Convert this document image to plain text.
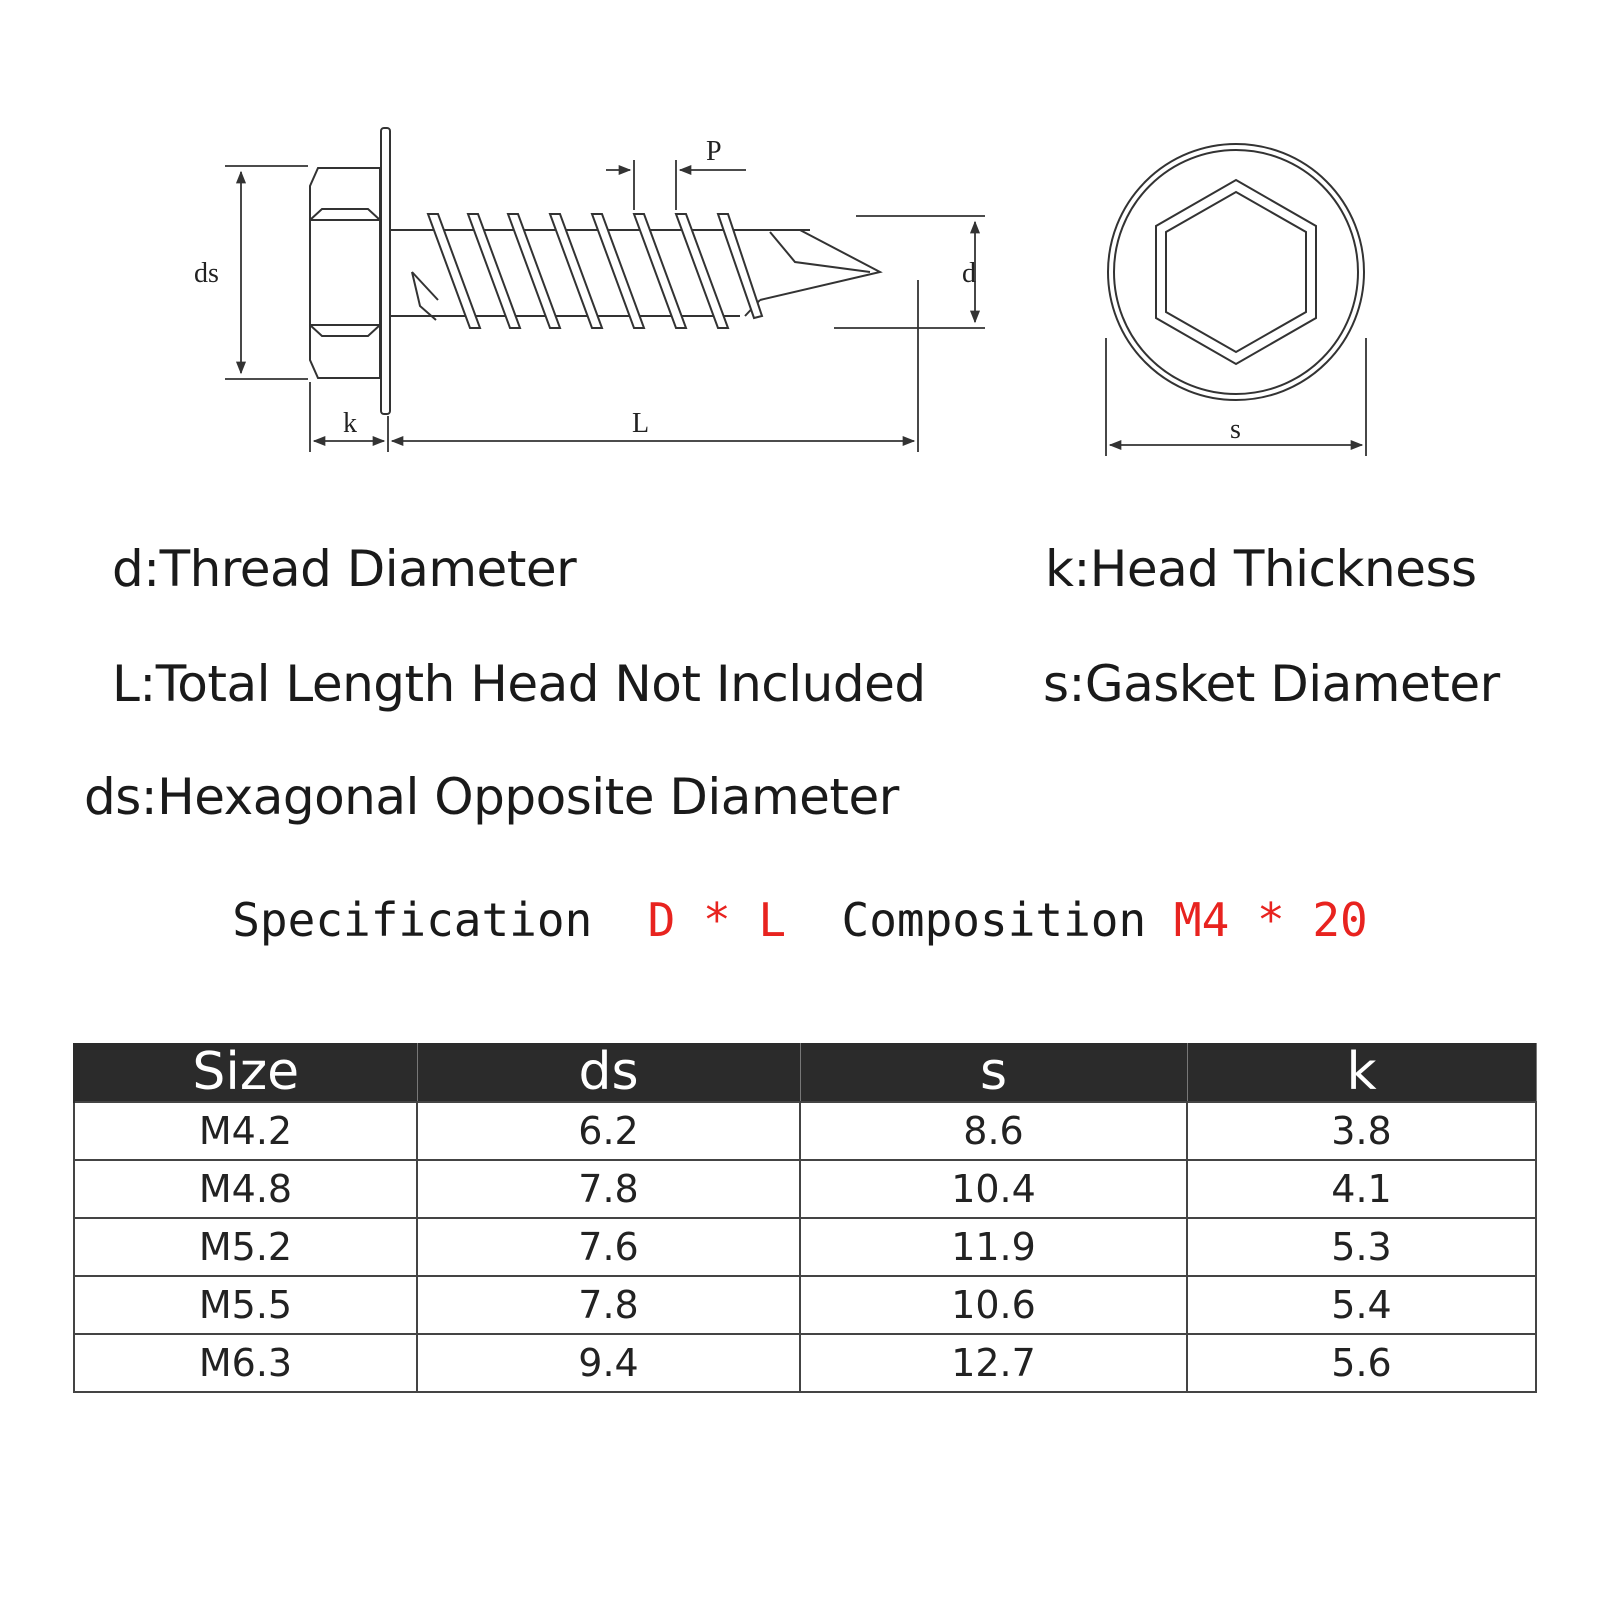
ds
k	L
P
d
s
d:Thread Diameter	k:Head Thickness
L:Total Length Head Not Included s:Gasket Diameter
ds:Hexagonal Opposite Diameter
Specification D * L Composition M4 * 20
Size	ds	s	k
M4.2	6.2	8.6	3.8
M4.8	7.8	10.4	4.1
M5.2	7.6	11.9	5.3
M5.5	7.8	10.6	5.4
M6.3	9.4	12.7	5.6
